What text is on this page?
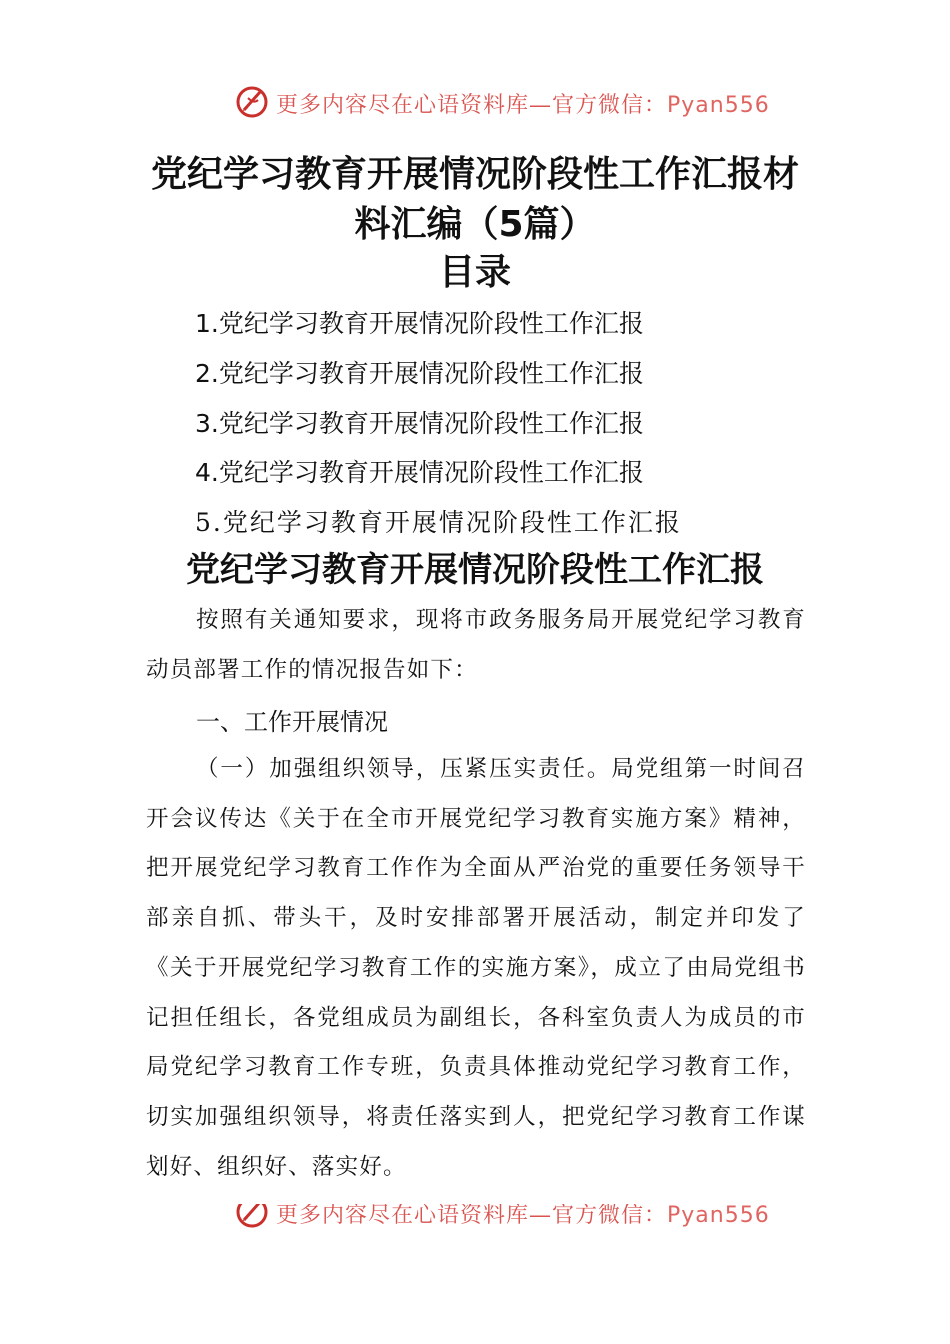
更多内容尽在心语资料库—官方微信：Pyan556
党纪学习教育开展情况阶段性工作汇报材
料汇编（5篇）
目录
1.党纪学习教育开展情况阶段性工作汇报
2.党纪学习教育开展情况阶段性工作汇报
3.党纪学习教育开展情况阶段性工作汇报
4.党纪学习教育开展情况阶段性工作汇报
5.党纪学习教育开展情况阶段性工作汇报
党纪学习教育开展情况阶段性工作汇报

按照有关通知要求，现将市政务服务局开展党纪学习教育动员部署工作的情况报告如下：

一、工作开展情况

（一）加强组织领导，压紧压实责任。局党组第一时间召开会议传达《关于在全市开展党纪学习教育实施方案》精神，把开展党纪学习教育工作作为全面从严治党的重要任务领导干部亲自抓、带头干，及时安排部署开展活动，制定并印发了《关于开展党纪学习教育工作的实施方案》，成立了由局党组书记担任组长，各党组成员为副组长，各科室负责人为成员的市局党纪学习教育工作专班，负责具体推动党纪学习教育工作，切实加强组织领导，将责任落实到人，把党纪学习教育工作谋划好、组织好、落实好。

更多内容尽在心语资料库—官方微信：Pyan556
